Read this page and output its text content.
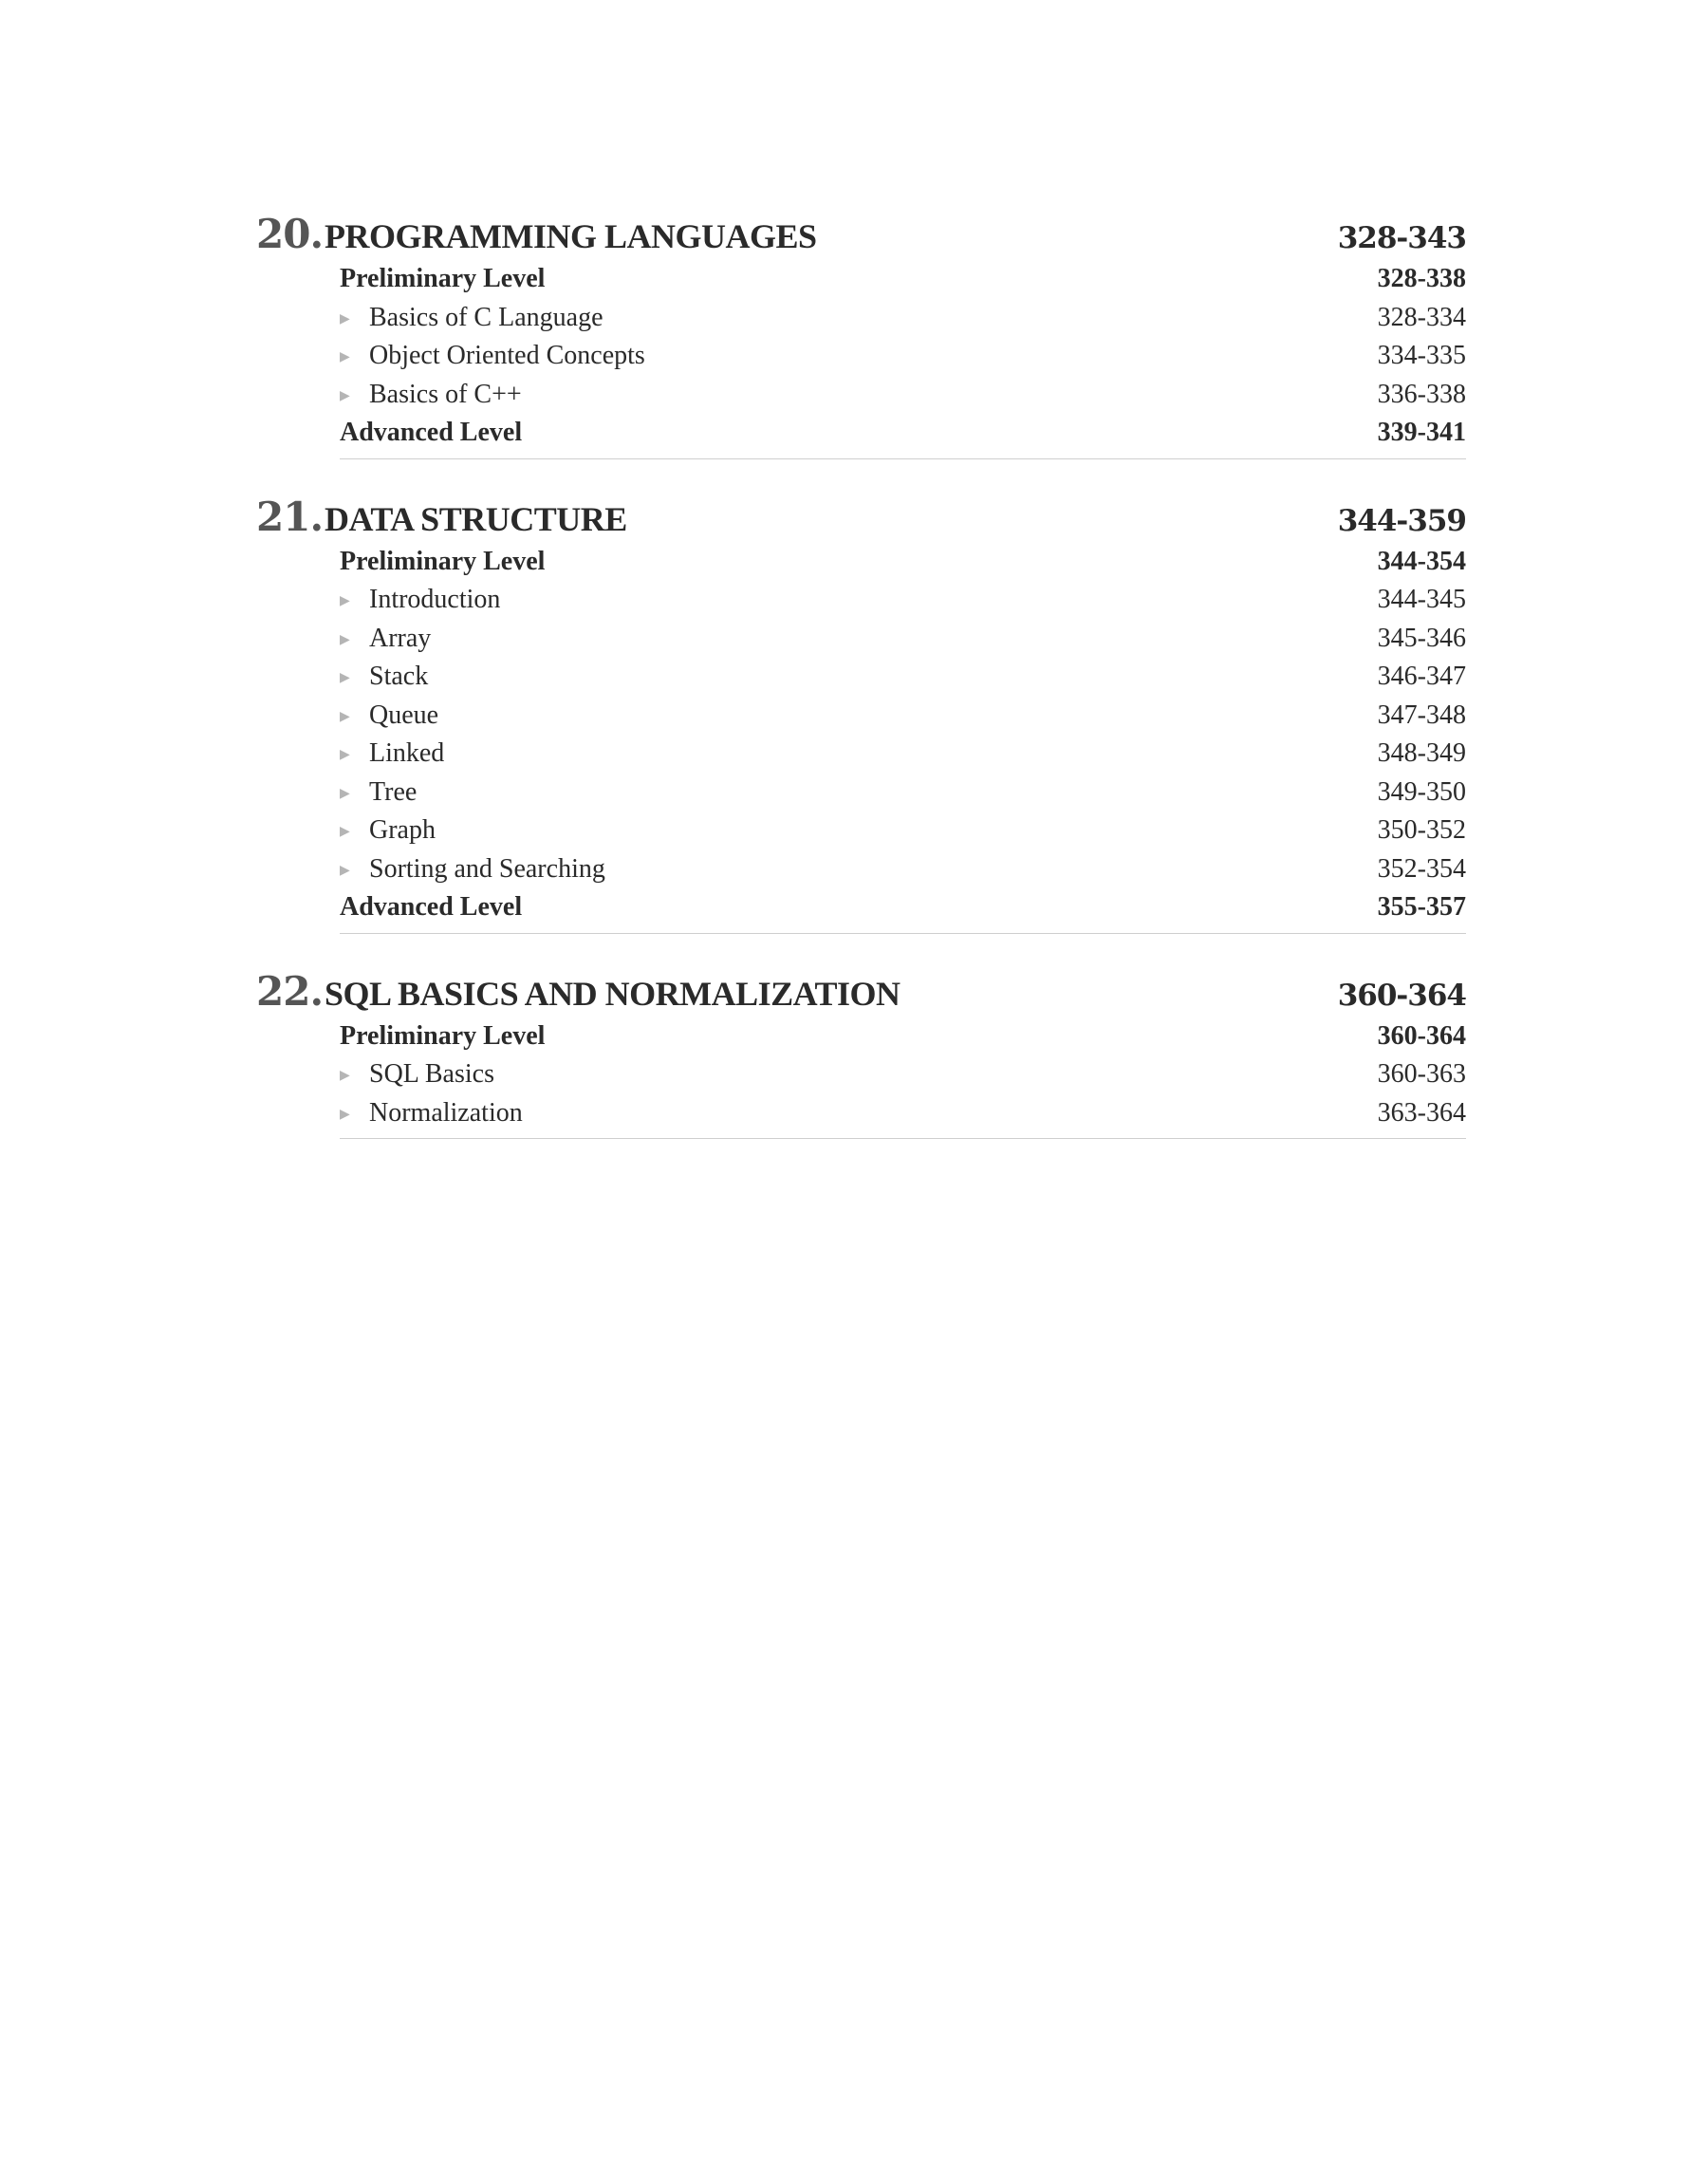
20. PROGRAMMING LANGUAGES	328-343
Preliminary Level	328-338
▶ Basics of C Language	328-334
▶ Object Oriented Concepts	334-335
▶ Basics of C++	336-338
Advanced Level	339-341
21. DATA STRUCTURE	344-359
Preliminary Level	344-354
▶ Introduction	344-345
▶ Array	345-346
▶ Stack	346-347
▶ Queue	347-348
▶ Linked	348-349
▶ Tree	349-350
▶ Graph	350-352
▶ Sorting and Searching	352-354
Advanced Level	355-357
22. SQL BASICS AND NORMALIZATION	360-364
Preliminary Level	360-364
▶ SQL Basics	360-363
▶ Normalization	363-364
